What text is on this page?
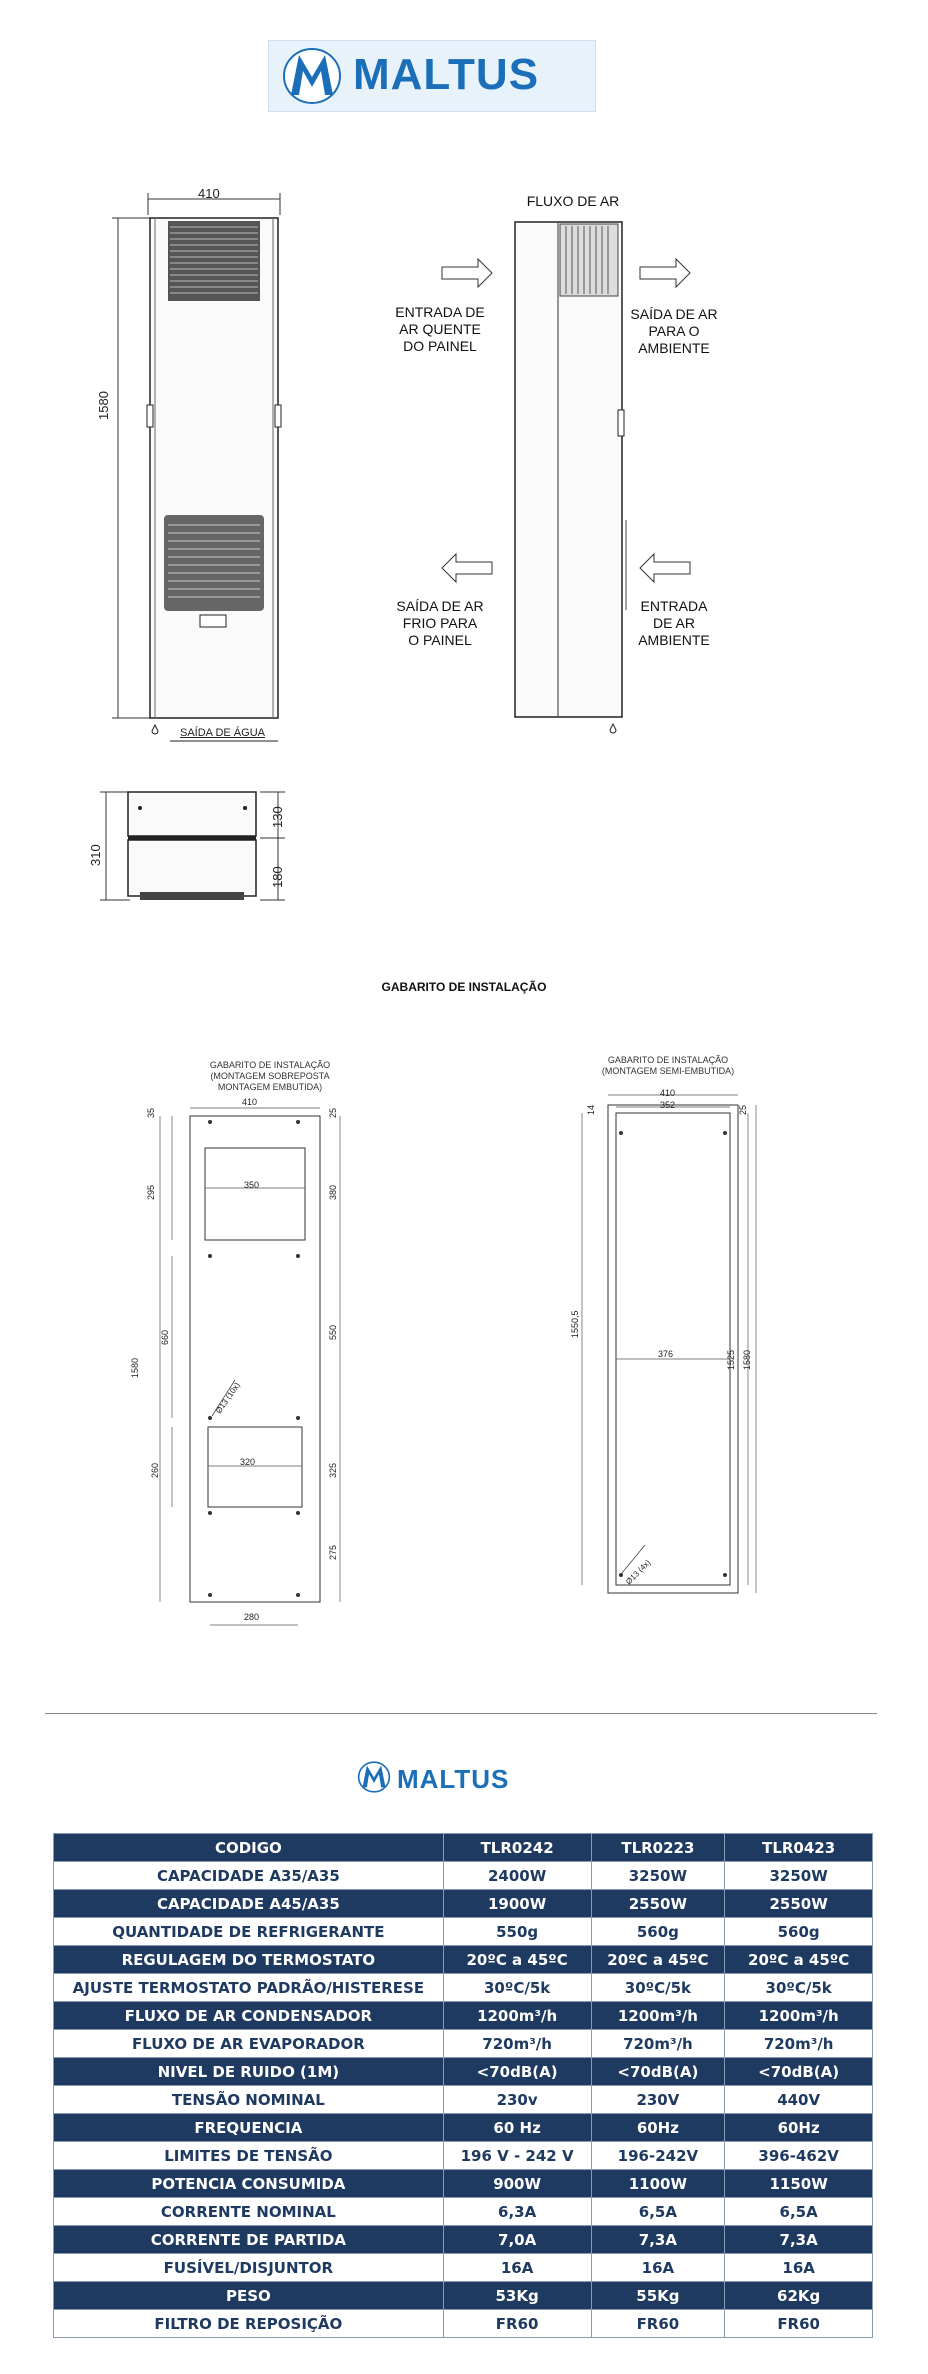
MALTUS
410
1580
SAÍDA DE ÁGUA
FLUXO DE AR
ENTRADA DE
AR QUENTE
DO PAINEL
SAÍDA DE AR
PARA O
AMBIENTE
SAÍDA DE AR
FRIO PARA
O PAINEL
ENTRADA
DE AR
AMBIENTE
310
130
180
GABARITO DE INSTALAÇÃO
GABARITO DE INSTALAÇÃO
(MONTAGEM SOBREPOSTA
MONTAGEM EMBUTIDA)
410
35	25
295	350	380
660	550
1580
Ø13 (10x)
260
320
325
275
280
GABARITO DE INSTALAÇÃO
(MONTAGEM SEMI-EMBUTIDA)
410
352
14	25
1550,5
376	1525 1580
Ø13 (4x)
MALTUS
CODIGO	TLR0242	TLR0223	TLR0423
CAPACIDADE A35/A35	2400W	3250W	3250W
CAPACIDADE A45/A35	1900W	2550W	2550W
QUANTIDADE DE REFRIGERANTE	550g	560g	560g
REGULAGEM DO TERMOSTATO	20ºC a 45ºC	20ºC a 45ºC	20ºC a 45ºC
AJUSTE TERMOSTATO PADRÃO/HISTERESE	30ºC/5k	30ºC/5k	30ºC/5k
FLUXO DE AR CONDENSADOR	1200m³/h	1200m³/h	1200m³/h
FLUXO DE AR EVAPORADOR	720m³/h	720m³/h	720m³/h
NIVEL DE RUIDO (1M)	<70dB(A)	<70dB(A)	<70dB(A)
TENSÃO NOMINAL	230v	230V	440V
FREQUENCIA	60 Hz	60Hz	60Hz
LIMITES DE TENSÃO	196 V - 242 V	196-242V	396-462V
POTENCIA CONSUMIDA	900W	1100W	1150W
CORRENTE NOMINAL	6,3A	6,5A	6,5A
CORRENTE DE PARTIDA	7,0A	7,3A	7,3A
FUSÍVEL/DISJUNTOR	16A	16A	16A
PESO	53Kg	55Kg	62Kg
FILTRO DE REPOSIÇÃO	FR60	FR60	FR60
